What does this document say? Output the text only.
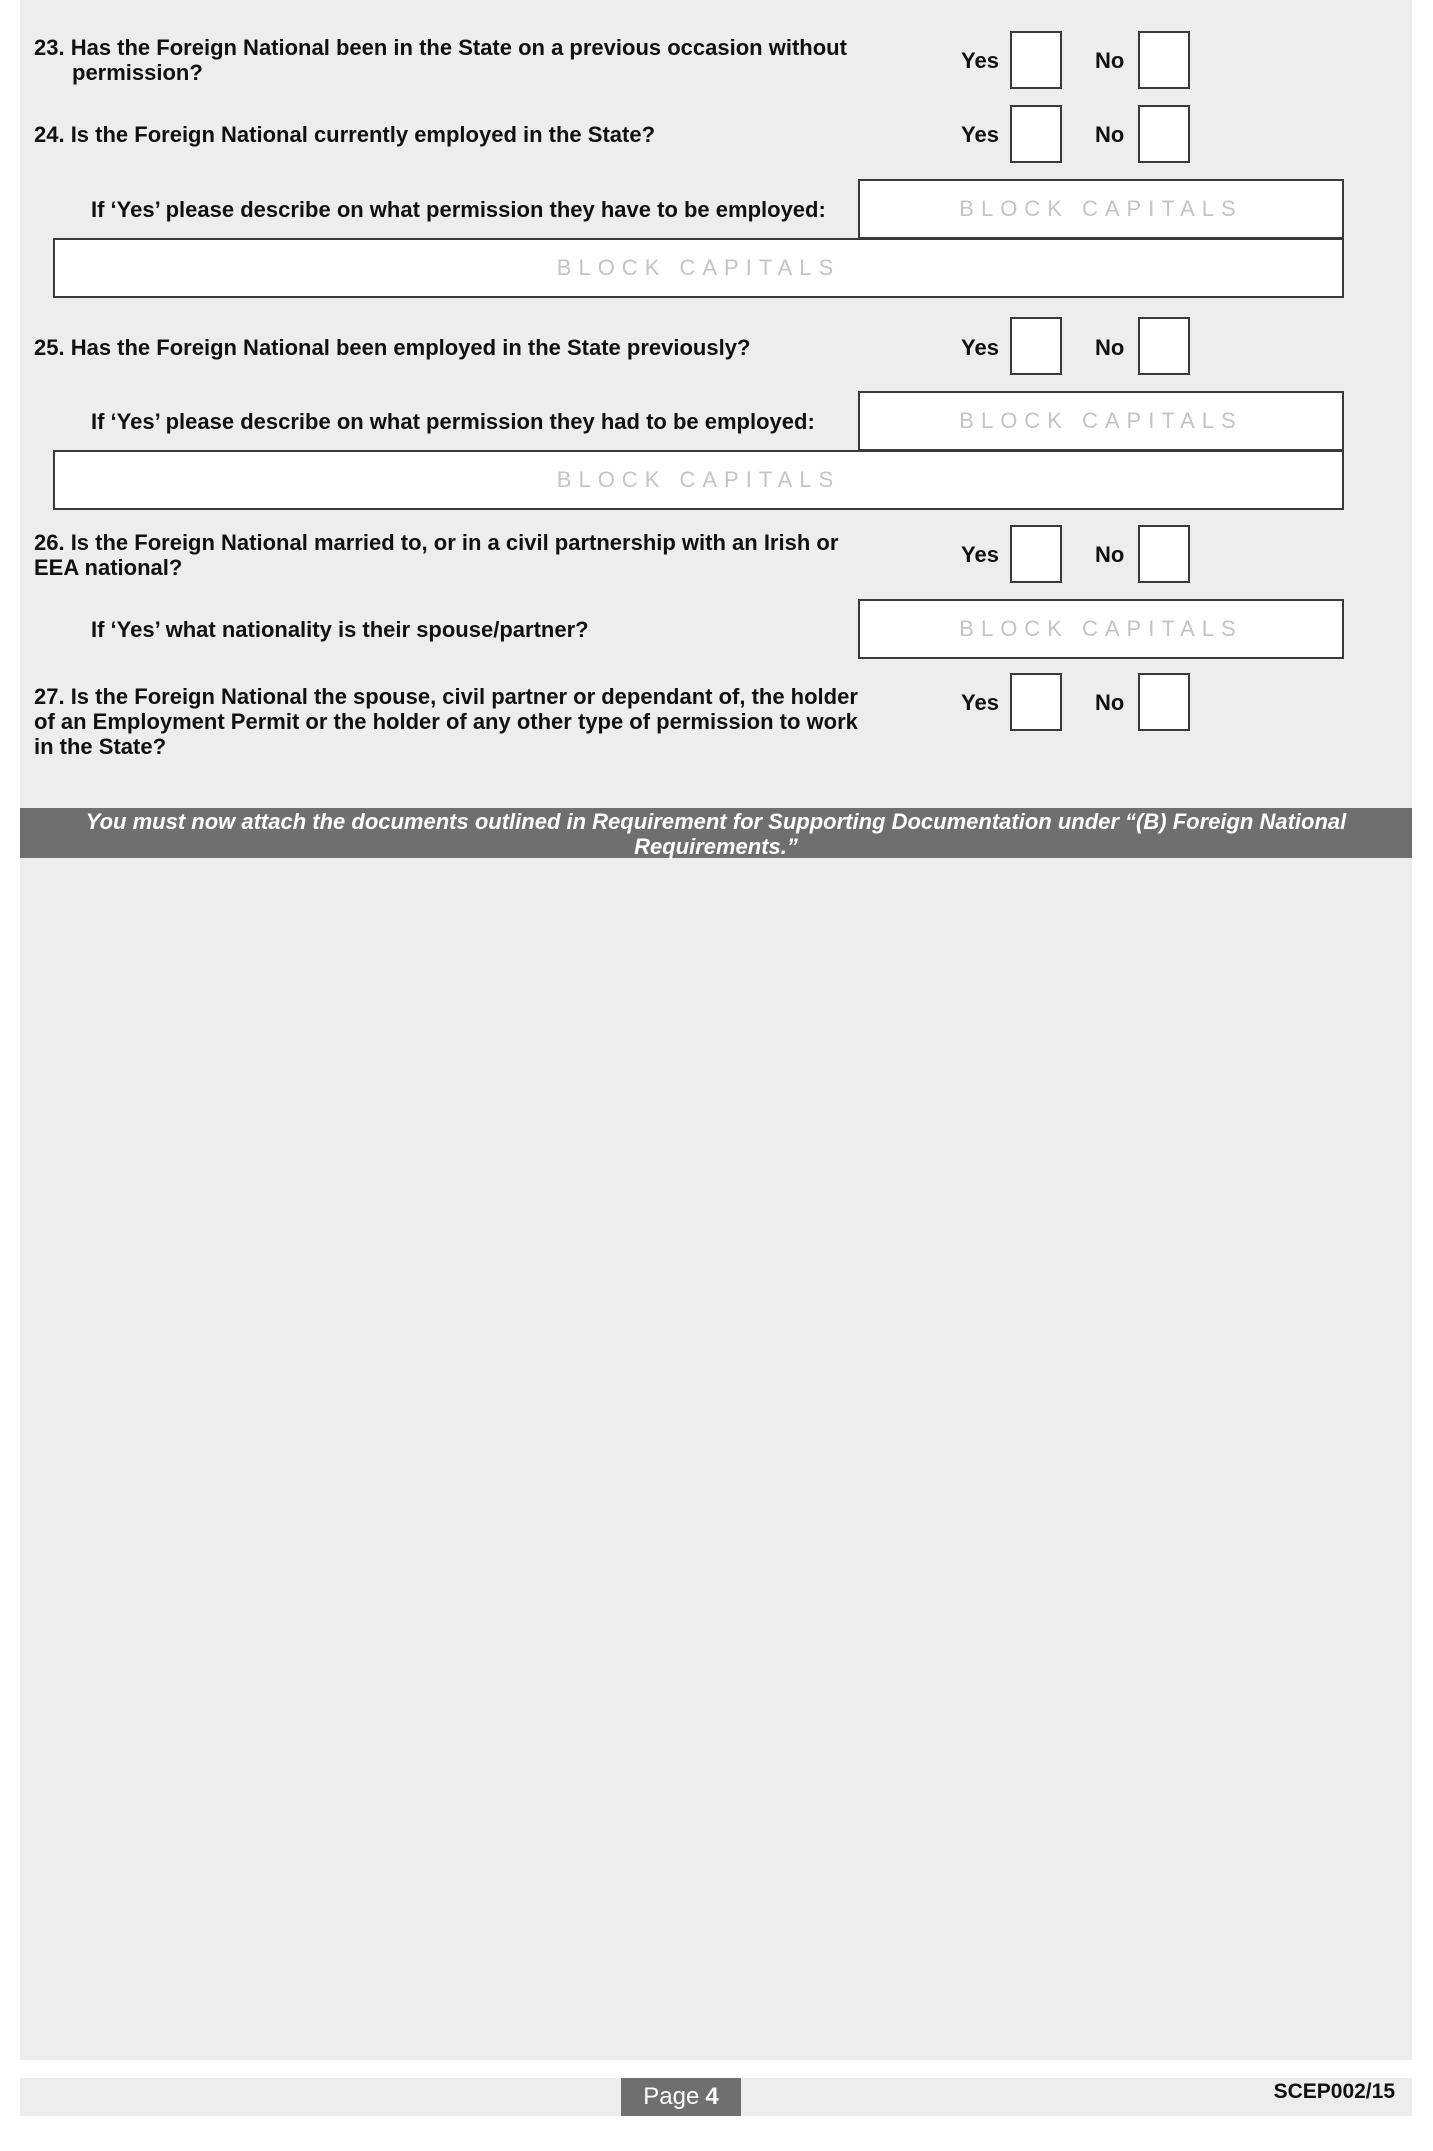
23. Has the Foreign National been in the State on a previous occasion without
permission?	Yes	No
24. Is the Foreign National currently employed in the State?	Yes	No
If ‘Yes’ please describe on what permission they have to be employed:	BLOCK CAPITALS
BLOCK CAPITALS
25. Has the Foreign National been employed in the State previously?	Yes	No
If ‘Yes’ please describe on what permission they had to be employed:	BLOCK CAPITALS
BLOCK CAPITALS
26. Is the Foreign National married to, or in a civil partnership with an Irish or
EEA national?
Yes	No
If ‘Yes’ what nationality is their spouse/partner?	BLOCK CAPITALS
27. Is the Foreign National the spouse, civil partner or dependant of, the holder
of an Employment Permit or the holder of any other type of permission to work
in the State?
Yes	No
You must now attach the documents outlined in Requirement for Supporting Documentation under “(B) Foreign National
Requirements.”
Page 4	SCEP002/15
